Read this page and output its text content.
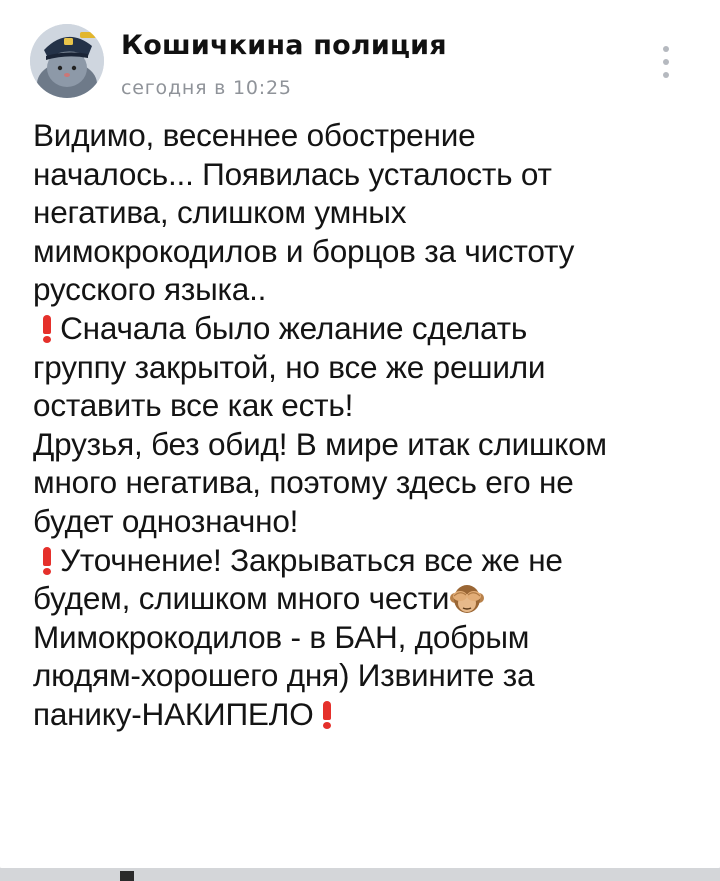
Кошичкина полиция
сегодня в 10:25
Видимо, весеннее обострение
началось... Появилась усталость от
негатива, слишком умных
мимокрокодилов и борцов за чистоту
русского языка..

Сначала было желание сделать
группу закрытой, но все же решили
оставить все как есть!
Друзья, без обид! В мире итак слишком
много негатива, поэтому здесь его не
будет однозначно!

Уточнение! Закрываться все же не
будем, слишком много чести
Мимокрокодилов - в БАН, добрым
людям-хорошего дня) Извините за
панику-НАКИПЕЛО
